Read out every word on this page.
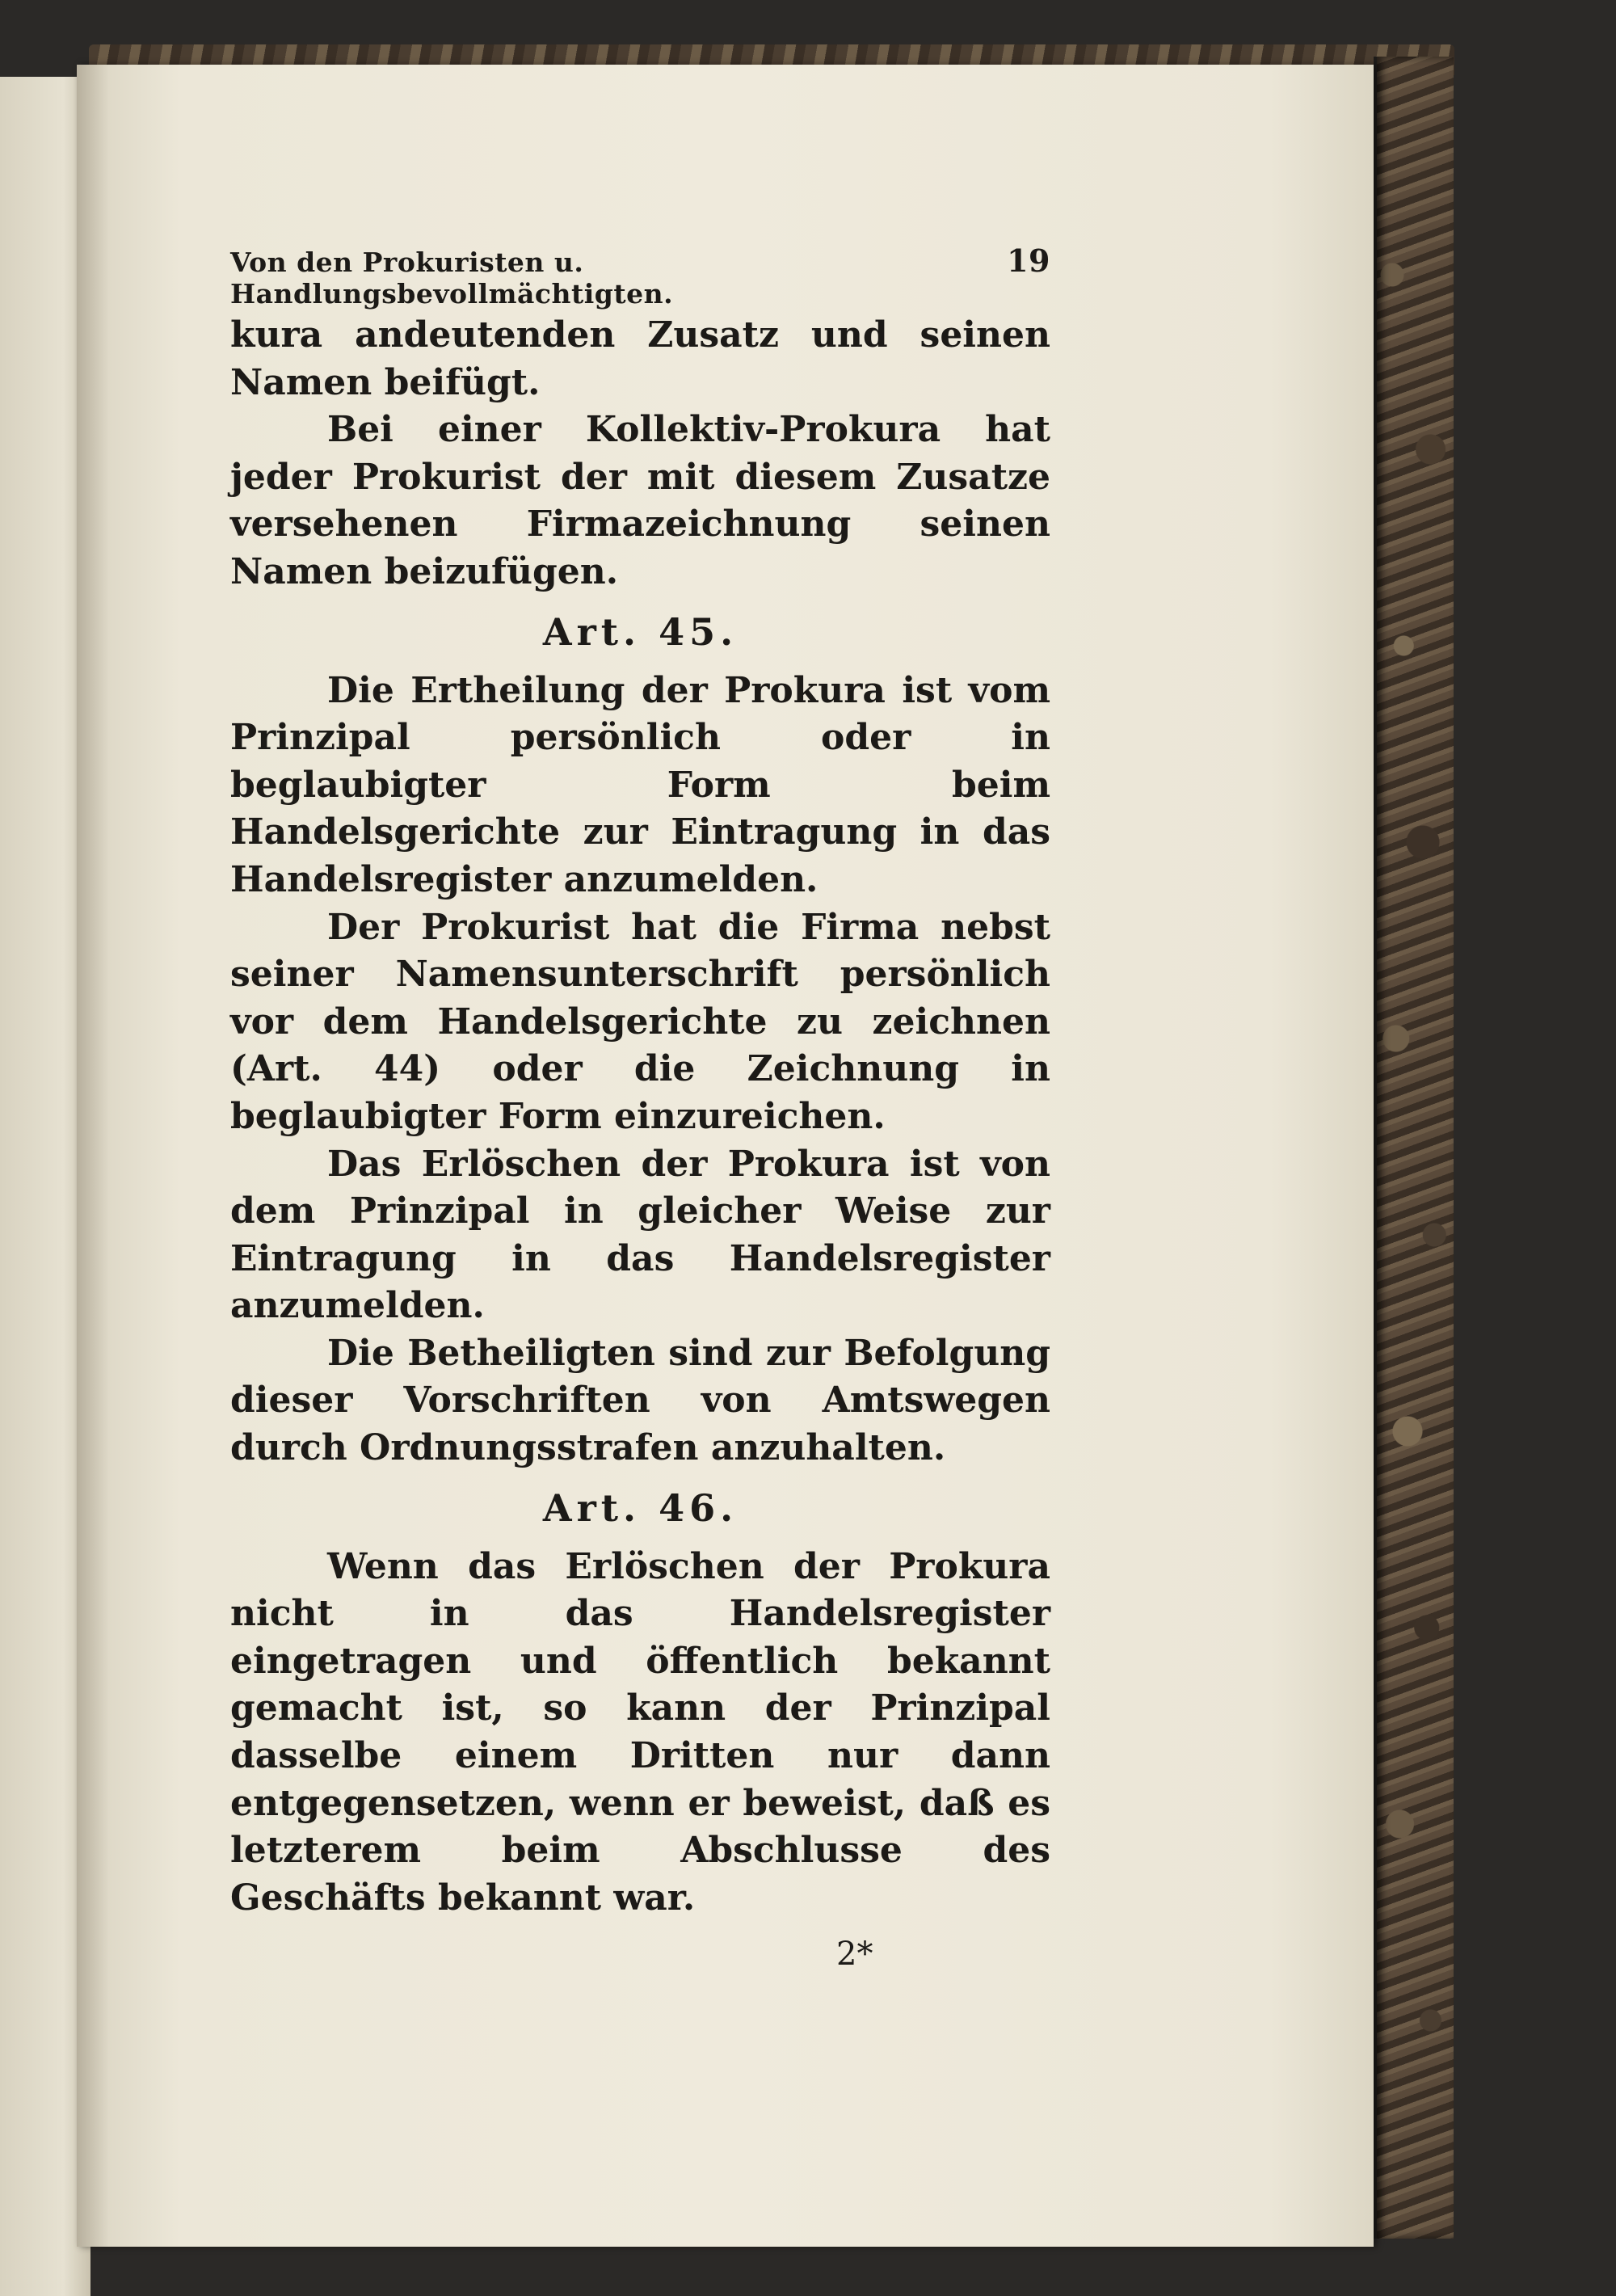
Von den Prokuristen u. Handlungsbevollmächtigten.
19

kura andeutenden Zusatz und seinen Namen beifügt.

Bei einer Kollektiv-Prokura hat jeder Prokurist der mit diesem Zusatze versehenen Firmazeichnung seinen Namen beizufügen.

Art. 45.

Die Ertheilung der Prokura ist vom Prinzipal persönlich oder in beglaubigter Form beim Handelsgerichte zur Eintragung in das Handelsregister anzumelden.

Der Prokurist hat die Firma nebst seiner Namensunterschrift persönlich vor dem Handelsgerichte zu zeichnen (Art. 44) oder die Zeichnung in beglaubigter Form einzureichen.

Das Erlöschen der Prokura ist von dem Prinzipal in gleicher Weise zur Eintragung in das Handelsregister anzumelden.

Die Betheiligten sind zur Befolgung dieser Vorschriften von Amtswegen durch Ordnungsstrafen anzuhalten.

Art. 46.

Wenn das Erlöschen der Prokura nicht in das Handelsregister eingetragen und öffentlich bekannt gemacht ist, so kann der Prinzipal dasselbe einem Dritten nur dann entgegensetzen, wenn er beweist, daß es letzterem beim Abschlusse des Geschäfts bekannt war.

2*
